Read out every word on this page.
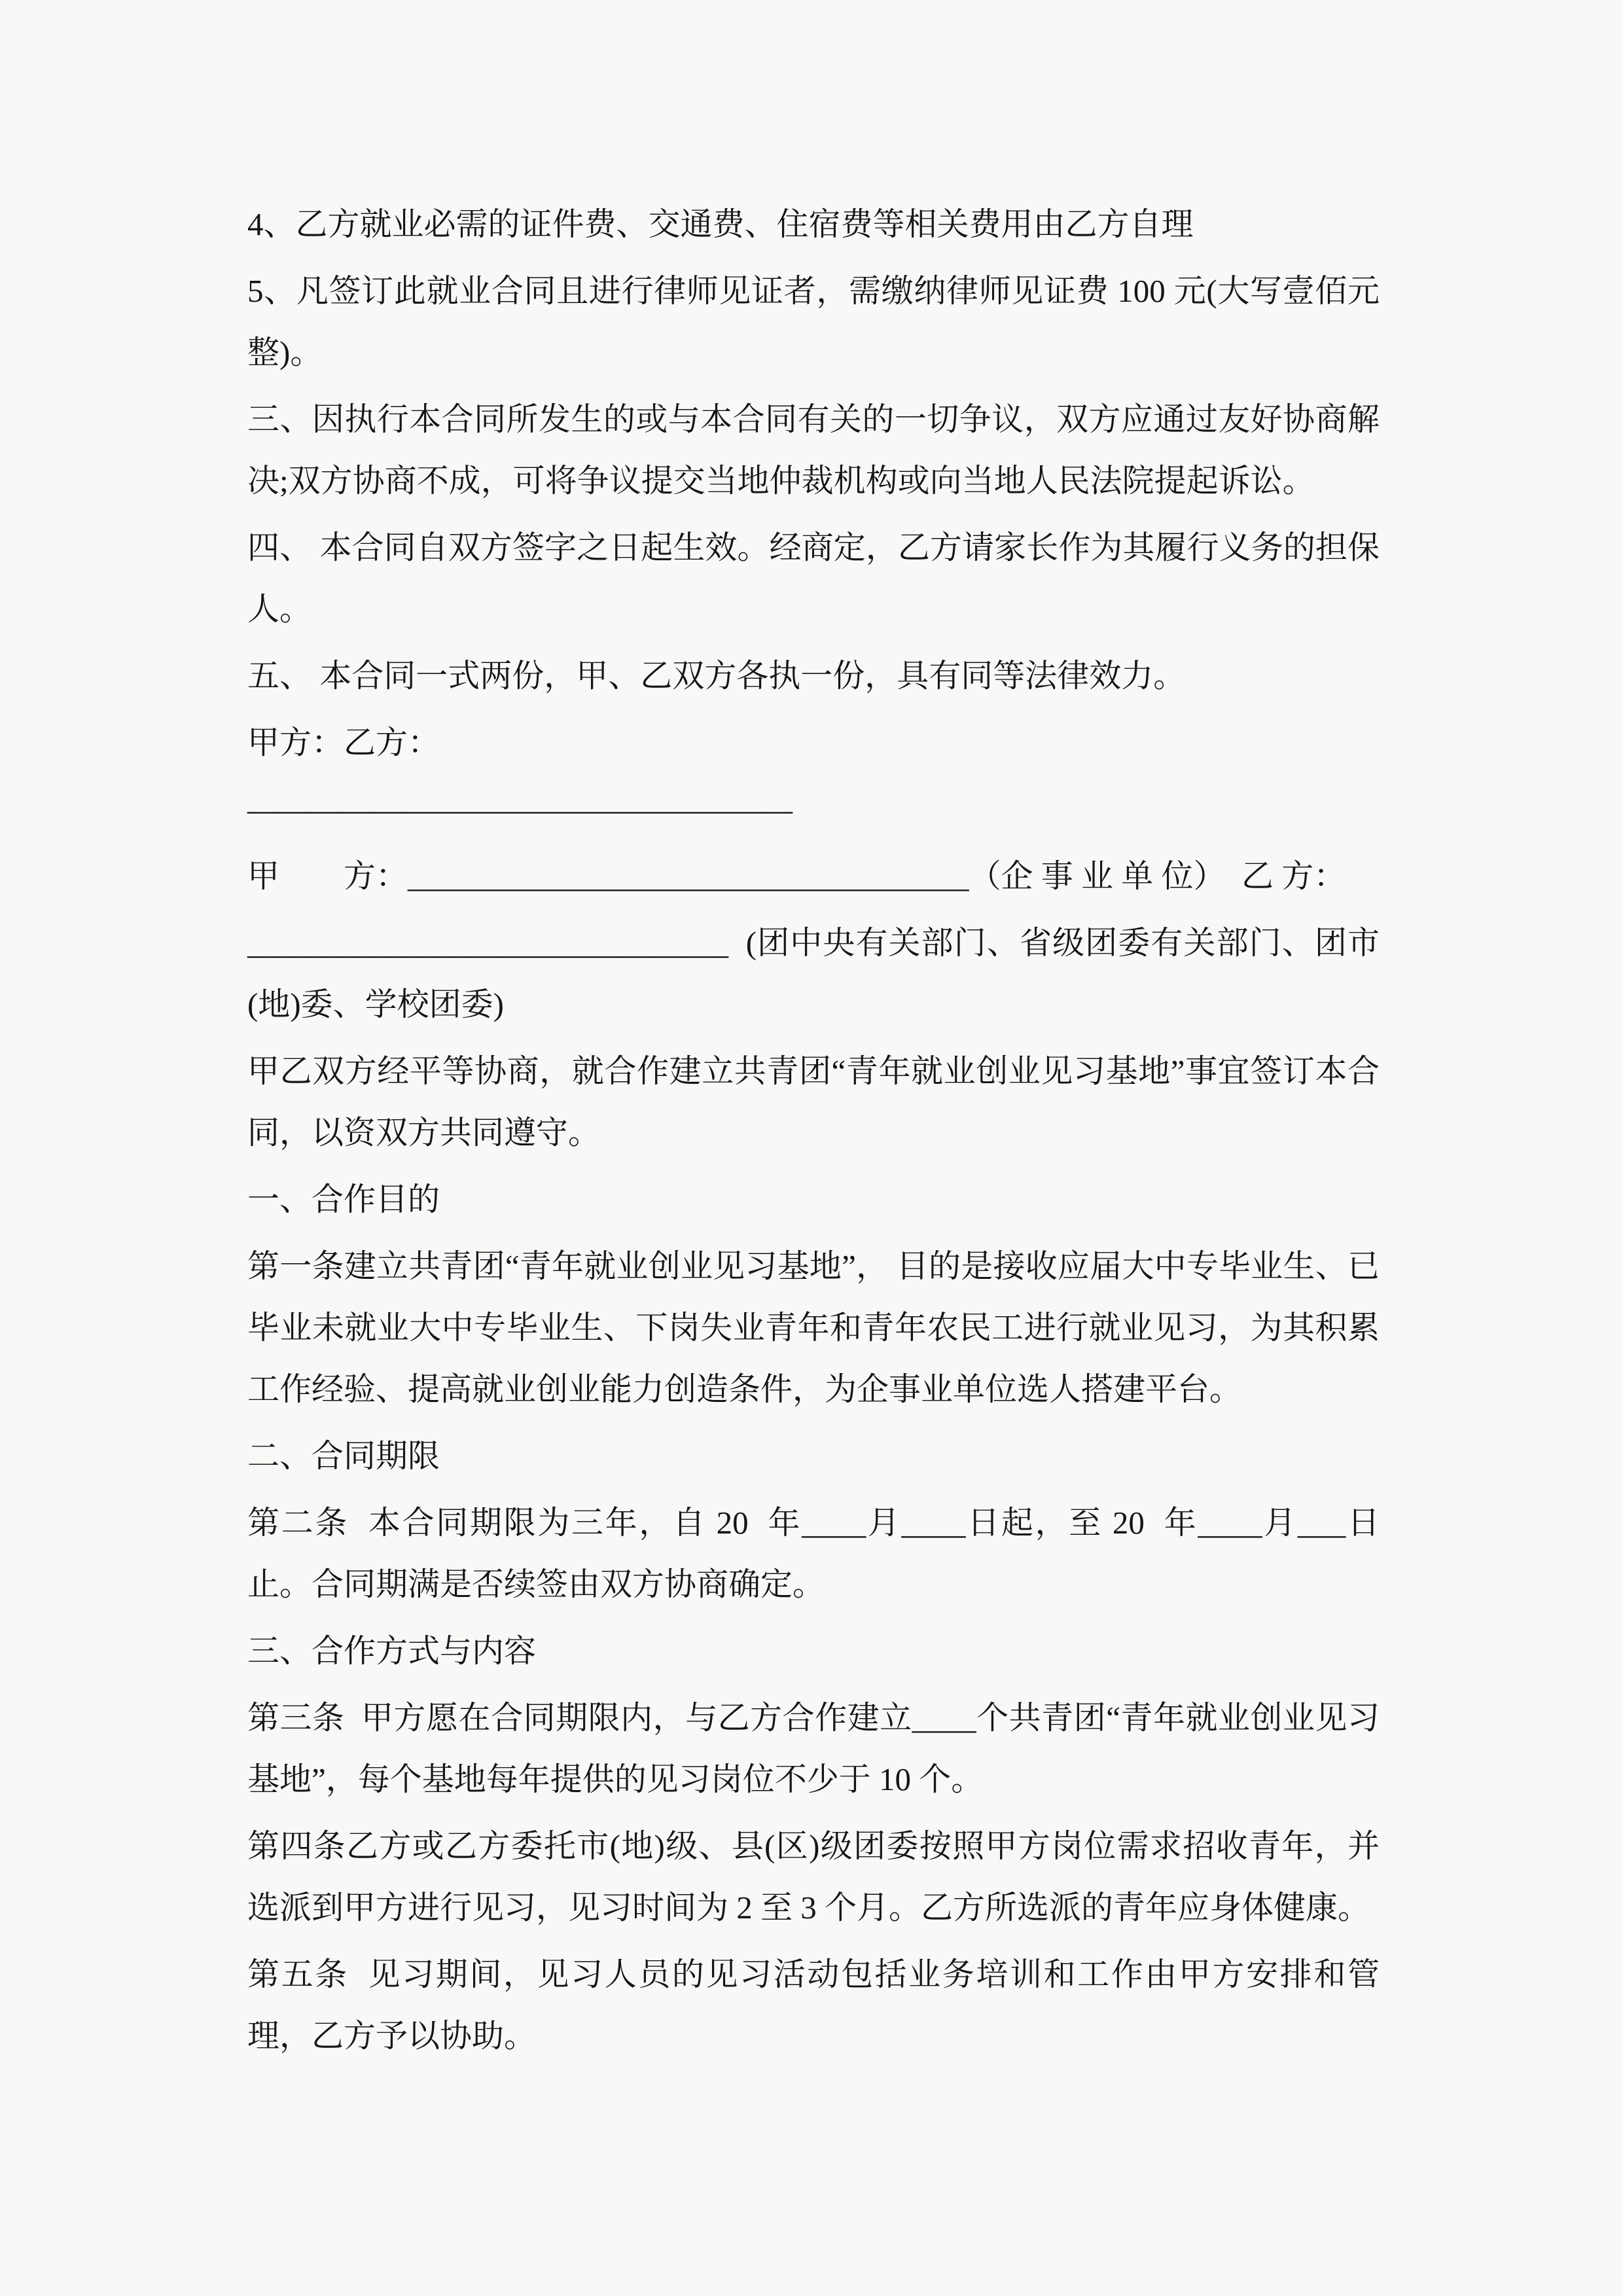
4、乙方就业必需的证件费、交通费、住宿费等相关费用由乙方自理

5、凡签订此就业合同且进行律师见证者，需缴纳律师见证费 100 元(大写壹佰元整)。

三、因执行本合同所发生的或与本合同有关的一切争议，双方应通过友好协商解决;双方协商不成，可将争议提交当地仲裁机构或向当地人民法院提起诉讼。

四、 本合同自双方签字之日起生效。经商定，乙方请家长作为其履行义务的担保人。

五、 本合同一式两份，甲、乙双方各执一份，具有同等法律效力。

甲方：乙方：

—————————————————

甲　　方：___________________________________（企 事 业 单 位）  乙 方：

______________________________  (团中央有关部门、省级团委有关部门、团市(地)委、学校团委)

甲乙双方经平等协商，就合作建立共青团“青年就业创业见习基地”事宜签订本合同，以资双方共同遵守。

一、合作目的

第一条建立共青团“青年就业创业见习基地”， 目的是接收应届大中专毕业生、已毕业未就业大中专毕业生、下岗失业青年和青年农民工进行就业见习，为其积累工作经验、提高就业创业能力创造条件，为企事业单位选人搭建平台。

二、合同期限

第二条  本合同期限为三年，自 20  年____月____日起，至 20  年____月___日止。合同期满是否续签由双方协商确定。

三、合作方式与内容

第三条  甲方愿在合同期限内，与乙方合作建立____个共青团“青年就业创业见习基地”，每个基地每年提供的见习岗位不少于 10 个。

第四条乙方或乙方委托市(地)级、县(区)级团委按照甲方岗位需求招收青年，并选派到甲方进行见习，见习时间为 2 至 3 个月。乙方所选派的青年应身体健康。

第五条  见习期间，见习人员的见习活动包括业务培训和工作由甲方安排和管理，乙方予以协助。
